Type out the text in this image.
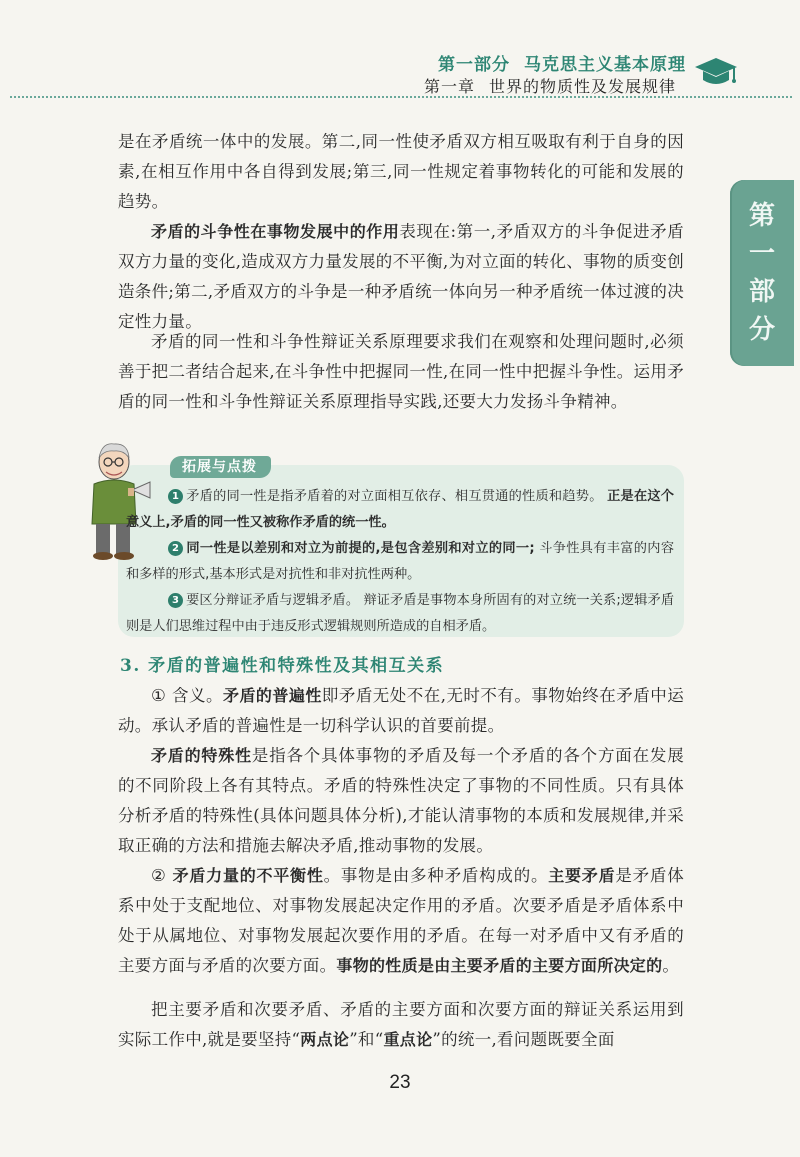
第一部分 马克思主义基本原理
第一章 世界的物质性及发展规律
第
一
部
分

是在矛盾统一体中的发展。第二,同一性使矛盾双方相互吸取有利于自身的因素,在相互作用中各自得到发展;第三,同一性规定着事物转化的可能和发展的趋势。

矛盾的斗争性在事物发展中的作用表现在:第一,矛盾双方的斗争促进矛盾双方力量的变化,造成双方力量发展的不平衡,为对立面的转化、事物的质变创造条件;第二,矛盾双方的斗争是一种矛盾统一体向另一种矛盾统一体过渡的决定性力量。

矛盾的同一性和斗争性辩证关系原理要求我们在观察和处理问题时,必须善于把二者结合起来,在斗争性中把握同一性,在同一性中把握斗争性。运用矛盾的同一性和斗争性辩证关系原理指导实践,还要大力发扬斗争精神。

拓展与点拨

1 矛盾的同一性是指矛盾着的对立面相互依存、相互贯通的性质和趋势。 正是在这个意义上,矛盾的同一性又被称作矛盾的统一性。

2 同一性是以差别和对立为前提的,是包含差别和对立的同一; 斗争性具有丰富的内容和多样的形式,基本形式是对抗性和非对抗性两种。

3 要区分辩证矛盾与逻辑矛盾。 辩证矛盾是事物本身所固有的对立统一关系;逻辑矛盾则是人们思维过程中由于违反形式逻辑规则所造成的自相矛盾。

3. 矛盾的普遍性和特殊性及其相互关系

① 含义。矛盾的普遍性即矛盾无处不在,无时不有。事物始终在矛盾中运动。承认矛盾的普遍性是一切科学认识的首要前提。

矛盾的特殊性是指各个具体事物的矛盾及每一个矛盾的各个方面在发展的不同阶段上各有其特点。矛盾的特殊性决定了事物的不同性质。只有具体分析矛盾的特殊性(具体问题具体分析),才能认清事物的本质和发展规律,并采取正确的方法和措施去解决矛盾,推动事物的发展。

② 矛盾力量的不平衡性。事物是由多种矛盾构成的。主要矛盾是矛盾体系中处于支配地位、对事物发展起决定作用的矛盾。次要矛盾是矛盾体系中处于从属地位、对事物发展起次要作用的矛盾。在每一对矛盾中又有矛盾的主要方面与矛盾的次要方面。事物的性质是由主要矛盾的主要方面所决定的。

把主要矛盾和次要矛盾、矛盾的主要方面和次要方面的辩证关系运用到实际工作中,就是要坚持“两点论”和“重点论”的统一,看问题既要全面

23
